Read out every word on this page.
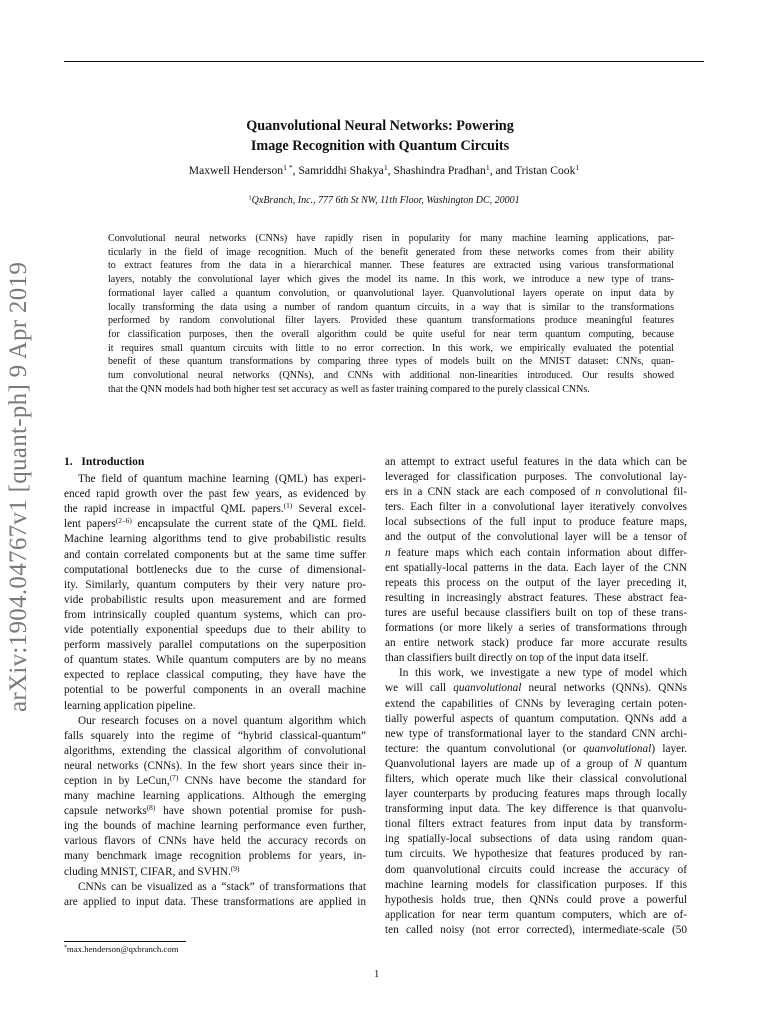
arXiv:1904.04767v1 [quant-ph] 9 Apr 2019
Quanvolutional Neural Networks: Powering
Image Recognition with Quantum Circuits
Maxwell Henderson$^{1 *}$, Samriddhi Shakya$^1$, Shashindra Pradhan$^1$, and Tristan Cook$^1$
$^1$QxBranch, Inc., 777 6th St NW, 11th Floor, Washington DC, 20001
Convolutional neural networks (CNNs) have rapidly risen in popularity for many machine learning applications, par-
ticularly in the field of image recognition. Much of the benefit generated from these networks comes from their ability
to extract features from the data in a hierarchical manner. These features are extracted using various transformational
layers, notably the convolutional layer which gives the model its name. In this work, we introduce a new type of trans-
formational layer called a quantum convolution, or quanvolutional layer. Quanvolutional layers operate on input data by
locally transforming the data using a number of random quantum circuits, in a way that is similar to the transformations
performed by random convolutional filter layers. Provided these quantum transformations produce meaningful features
for classification purposes, then the overall algorithm could be quite useful for near term quantum computing, because
it requires small quantum circuits with little to no error correction. In this work, we empirically evaluated the potential
benefit of these quantum transformations by comparing three types of models built on the MNIST dataset: CNNs, quan-
tum convolutional neural networks (QNNs), and CNNs with additional non-linearities introduced. Our results showed
that the QNN models had both higher test set accuracy as well as faster training compared to the purely classical CNNs.
1. Introduction
The field of quantum machine learning (QML) has experi-
enced rapid growth over the past few years, as evidenced by
the rapid increase in impactful QML papers.$^{(1)}$ Several excel-
lent papers$^{(2-6)}$ encapsulate the current state of the QML field.
Machine learning algorithms tend to give probabilistic results
and contain correlated components but at the same time suffer
computational bottlenecks due to the curse of dimensional-
ity. Similarly, quantum computers by their very nature pro-
vide probabilistic results upon measurement and are formed
from intrinsically coupled quantum systems, which can pro-
vide potentially exponential speedups due to their ability to
perform massively parallel computations on the superposition
of quantum states. While quantum computers are by no means
expected to replace classical computing, they have have the
potential to be powerful components in an overall machine
learning application pipeline.
Our research focuses on a novel quantum algorithm which
falls squarely into the regime of “hybrid classical-quantum”
algorithms, extending the classical algorithm of convolutional
neural networks (CNNs). In the few short years since their in-
ception in by LeCun,$^{(7)}$ CNNs have become the standard for
many machine learning applications. Although the emerging
capsule networks$^{(8)}$ have shown potential promise for push-
ing the bounds of machine learning performance even further,
various flavors of CNNs have held the accuracy records on
many benchmark image recognition problems for years, in-
cluding MNIST, CIFAR, and SVHN.$^{(9)}$
CNNs can be visualized as a “stack” of transformations that
are applied to input data. These transformations are applied in
an attempt to extract useful features in the data which can be
leveraged for classification purposes. The convolutional lay-
ers in a CNN stack are each composed of n convolutional fil-
ters. Each filter in a convolutional layer iteratively convolves
local subsections of the full input to produce feature maps,
and the output of the convolutional layer will be a tensor of
n feature maps which each contain information about differ-
ent spatially-local patterns in the data. Each layer of the CNN
repeats this process on the output of the layer preceding it,
resulting in increasingly abstract features. These abstract fea-
tures are useful because classifiers built on top of these trans-
formations (or more likely a series of transformations through
an entire network stack) produce far more accurate results
than classifiers built directly on top of the input data itself.
In this work, we investigate a new type of model which
we will call quanvolutional neural networks (QNNs). QNNs
extend the capabilities of CNNs by leveraging certain poten-
tially powerful aspects of quantum computation. QNNs add a
new type of transformational layer to the standard CNN archi-
tecture: the quantum convolutional (or quanvolutional) layer.
Quanvolutional layers are made up of a group of N quantum
filters, which operate much like their classical convolutional
layer counterparts by producing features maps through locally
transforming input data. The key difference is that quanvolu-
tional filters extract features from input data by transform-
ing spatially-local subsections of data using random quan-
tum circuits. We hypothesize that features produced by ran-
dom quanvolutional circuits could increase the accuracy of
machine learning models for classification purposes. If this
hypothesis holds true, then QNNs could prove a powerful
application for near term quantum computers, which are of-
ten called noisy (not error corrected), intermediate-scale (50
*max.henderson@qxbranch.com
1
